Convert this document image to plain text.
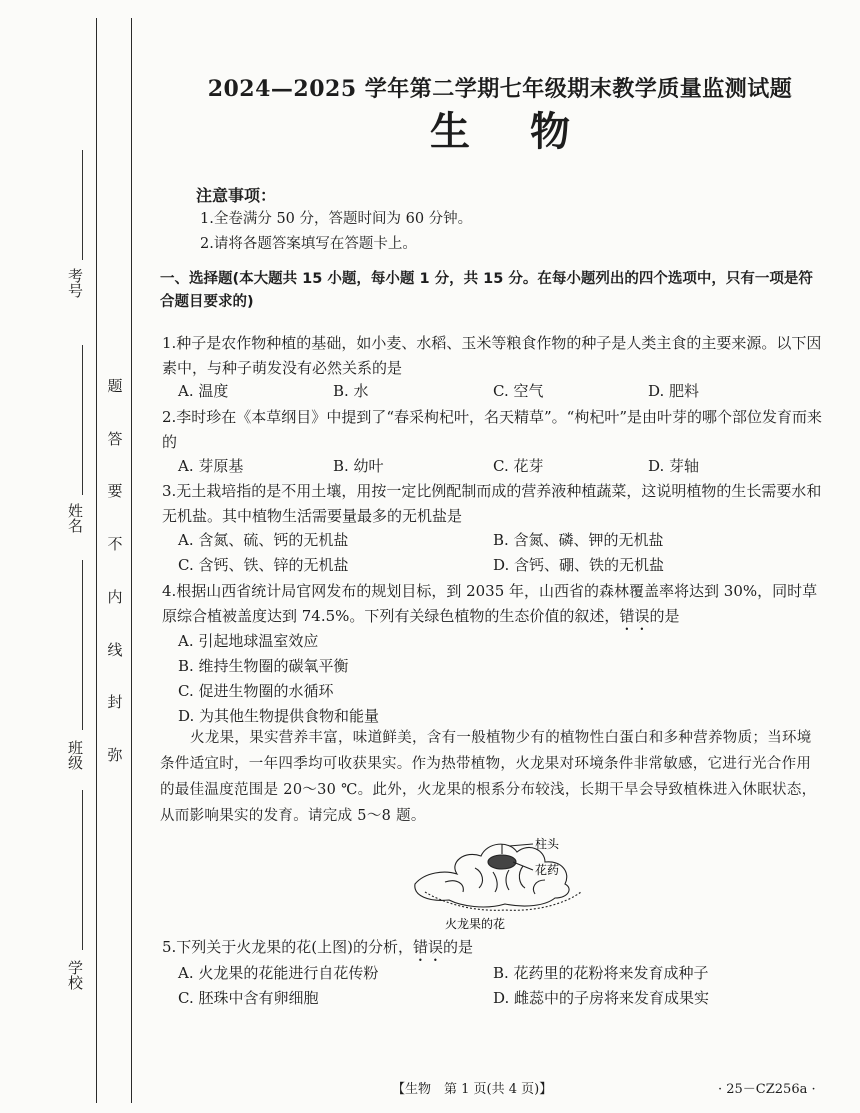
考号
姓名
班级
学校
题
答
要
不
内
线
封
弥
2024—2025 学年第二学期七年级期末教学质量监测试题
生物
注意事项：
1.全卷满分 50 分，答题时间为 60 分钟。
2.请将各题答案填写在答题卡上。
一、选择题(本大题共 15 小题，每小题 1 分，共 15 分。在每小题列出的四个选项中，只有一项是符合题目要求的)
1.种子是农作物种植的基础，如小麦、水稻、玉米等粮食作物的种子是人类主食的主要来源。以下因素中，与种子萌发没有必然关系的是
A. 温度	B. 水	C. 空气	D. 肥料
2.李时珍在《本草纲目》中提到了“春采枸杞叶，名天精草”。“枸杞叶”是由叶芽的哪个部位发育而来的
A. 芽原基	B. 幼叶	C. 花芽	D. 芽轴
3.无土栽培指的是不用土壤，用按一定比例配制而成的营养液种植蔬菜，这说明植物的生长需要水和无机盐。其中植物生活需要量最多的无机盐是
A. 含氮、硫、钙的无机盐	B. 含氮、磷、钾的无机盐
C. 含钙、铁、锌的无机盐	D. 含钙、硼、铁的无机盐
4.根据山西省统计局官网发布的规划目标，到 2035 年，山西省的森林覆盖率将达到 30%，同时草原综合植被盖度达到 74.5%。下列有关绿色植物的生态价值的叙述，错误的是
A. 引起地球温室效应
B. 维持生物圈的碳氧平衡
C. 促进生物圈的水循环
D. 为其他生物提供食物和能量
火龙果，果实营养丰富，味道鲜美，含有一般植物少有的植物性白蛋白和多种营养物质；当环境条件适宜时，一年四季均可收获果实。作为热带植物，火龙果对环境条件非常敏感，它进行光合作用的最佳温度范围是 20～30 ℃。此外，火龙果的根系分布较浅，长期干旱会导致植株进入休眠状态，从而影响果实的发育。请完成 5～8 题。
柱头
花药
火龙果的花
5.下列关于火龙果的花(上图)的分析，错误的是
A. 火龙果的花能进行自花传粉	B. 花药里的花粉将来发育成种子
C. 胚珠中含有卵细胞	D. 雌蕊中的子房将来发育成果实
【生物　第 1 页(共 4 页)】	· 25－CZ256a ·
